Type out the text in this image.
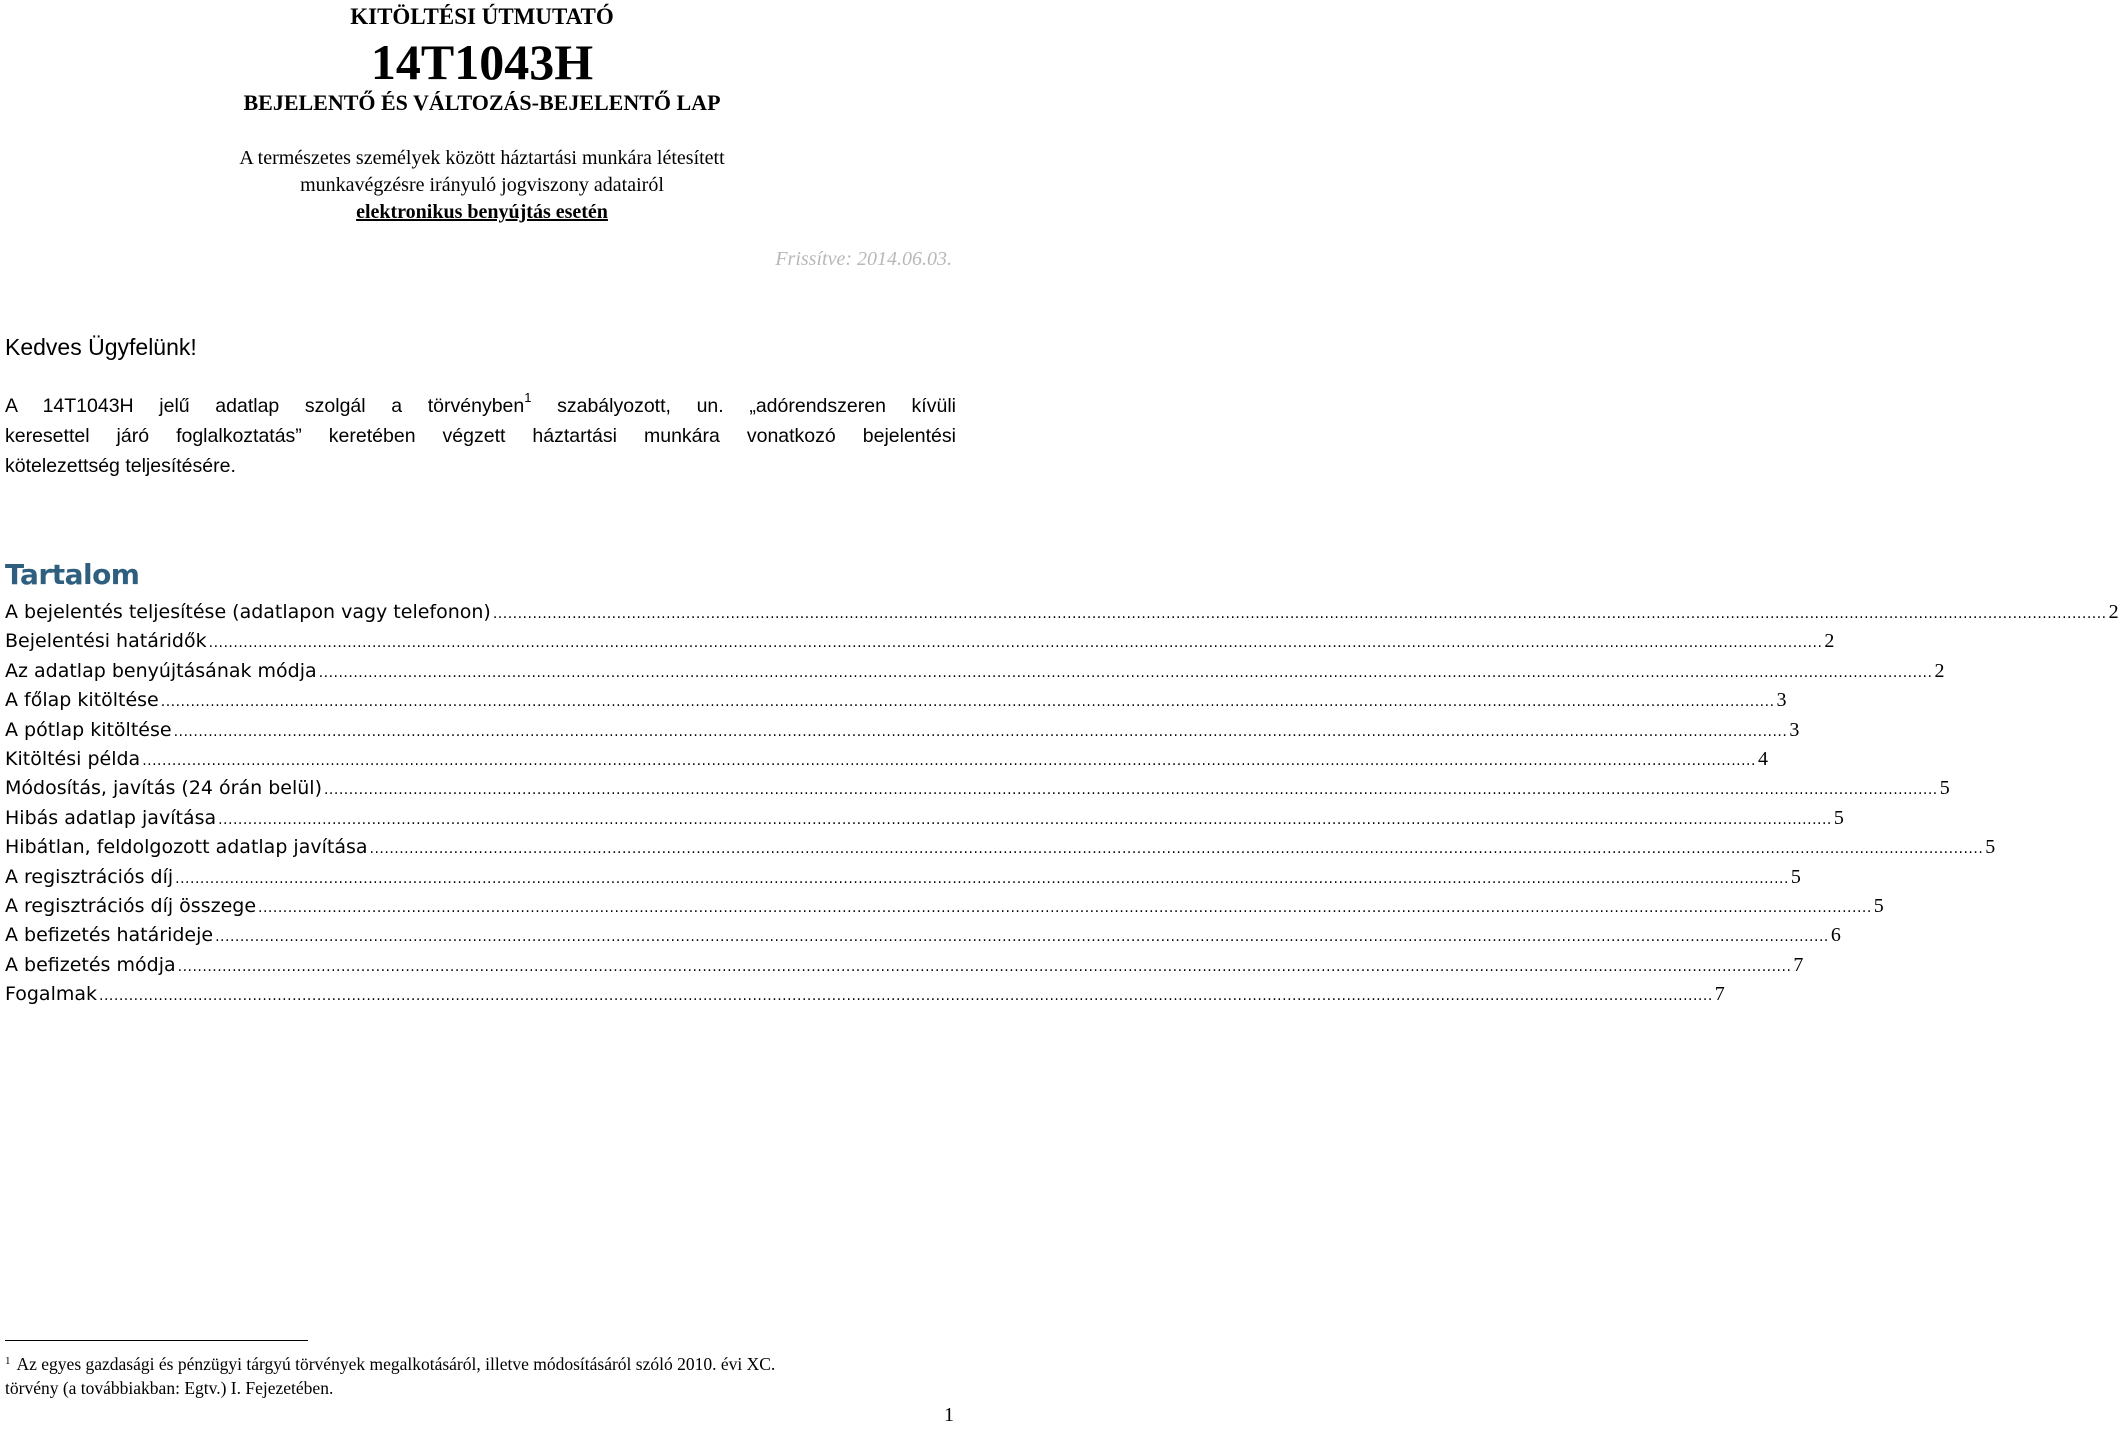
KITÖLTÉSI ÚTMUTATÓ
14T1043H
BEJELENTŐ ÉS VÁLTOZÁS-BEJELENTŐ LAP
A természetes személyek között háztartási munkára létesített
munkavégzésre irányuló jogviszony adatairól
elektronikus benyújtás esetén
Frissítve: 2014.06.03.
Kedves Ügyfelünk!
A 14T1043H jelű adatlap szolgál a törvényben$^1$ szabályozott, un. „adórendszeren kívüli
keresettel járó foglalkoztatás” keretében végzett háztartási munkára vonatkozó bejelentési
kötelezettség teljesítésére.
Tartalom
A bejelentés teljesítése (adatlapon vagy telefonon) ...................................................................................................................................................................................................................................................................................................................................... 2
Bejelentési határidők ...................................................................................................................................................................................................................................................................................................................................... 2
Az adatlap benyújtásának módja ...................................................................................................................................................................................................................................................................................................................................... 2
A főlap kitöltése ...................................................................................................................................................................................................................................................................................................................................... 3
A pótlap kitöltése ...................................................................................................................................................................................................................................................................................................................................... 3
Kitöltési példa ...................................................................................................................................................................................................................................................................................................................................... 4
Módosítás, javítás (24 órán belül) ...................................................................................................................................................................................................................................................................................................................................... 5
Hibás adatlap javítása ...................................................................................................................................................................................................................................................................................................................................... 5
Hibátlan, feldolgozott adatlap javítása ...................................................................................................................................................................................................................................................................................................................................... 5
A regisztrációs díj ...................................................................................................................................................................................................................................................................................................................................... 5
A regisztrációs díj összege ...................................................................................................................................................................................................................................................................................................................................... 5
A befizetés határideje ...................................................................................................................................................................................................................................................................................................................................... 6
A befizetés módja ...................................................................................................................................................................................................................................................................................................................................... 7
Fogalmak ...................................................................................................................................................................................................................................................................................................................................... 7
$^1$ Az egyes gazdasági és pénzügyi tárgyú törvények megalkotásáról, illetve módosításáról szóló 2010. évi XC.
törvény (a továbbiakban: Egtv.) I. Fejezetében.
1
